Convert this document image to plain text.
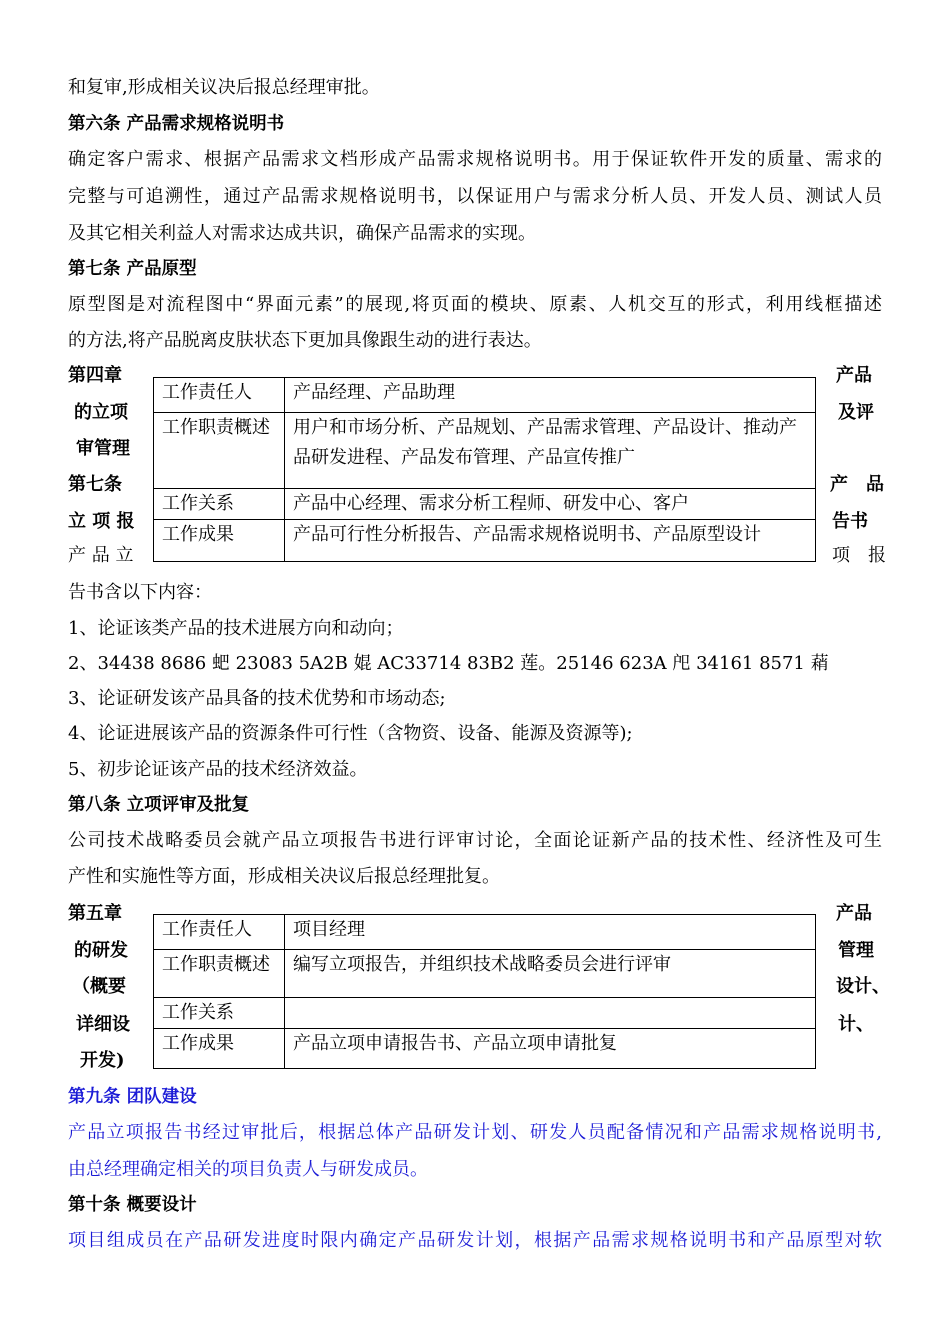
和复审,形成相关议决后报总经理审批。

第六条 产品需求规格说明书

确定客户需求、根据产品需求文档形成产品需求规格说明书。用于保证软件开发的质量、需求的

完整与可追溯性，通过产品需求规格说明书，以保证用户与需求分析人员、开发人员、测试人员

及其它相关利益人对需求达成共识，确保产品需求的实现。

第七条 产品原型

原型图是对流程图中“界面元素”的展现,将页面的模块、原素、人机交互的形式，利用线框描述

的方法,将产品脱离皮肤状态下更加具像跟生动的进行表达。

第四章
的立项
审管理
第七条
立 项 报
产 品 立
产品
及评
产　品
告书
项　报
工作责任人	产品经理、产品助理
工作职责概述	用户和市场分析、产品规划、产品需求管理、产品设计、推动产品研发进程、产品发布管理、产品宣传推广
工作关系	产品中心经理、需求分析工程师、研发中心、客户
工作成果	产品可行性分析报告、产品需求规格说明书、产品原型设计

告书含以下内容：

1、论证该类产品的技术进展方向和动向；

2、34438 8686 蚆 23083 5A2B 婫 AC33714 83B2 莲。25146 623A 戺 34161 8571 蕱

3、论证研发该产品具备的技术优势和市场动态;

4、论证进展该产品的资源条件可行性（含物资、设备、能源及资源等);

5、初步论证该产品的技术经济效益。

第八条 立项评审及批复

公司技术战略委员会就产品立项报告书进行评审讨论，全面论证新产品的技术性、经济性及可生

产性和实施性等方面，形成相关决议后报总经理批复。

第五章
的研发
（概要
详细设
开发)
产品
管理
设计、
计、
工作责任人	项目经理
工作职责概述	编写立项报告，并组织技术战略委员会进行评审
工作关系	
工作成果	产品立项申请报告书、产品立项申请批复

第九条 团队建设

产品立项报告书经过审批后，根据总体产品研发计划、研发人员配备情况和产品需求规格说明书,

由总经理确定相关的项目负责人与研发成员。

第十条 概要设计

项目组成员在产品研发进度时限内确定产品研发计划，根据产品需求规格说明书和产品原型对软
